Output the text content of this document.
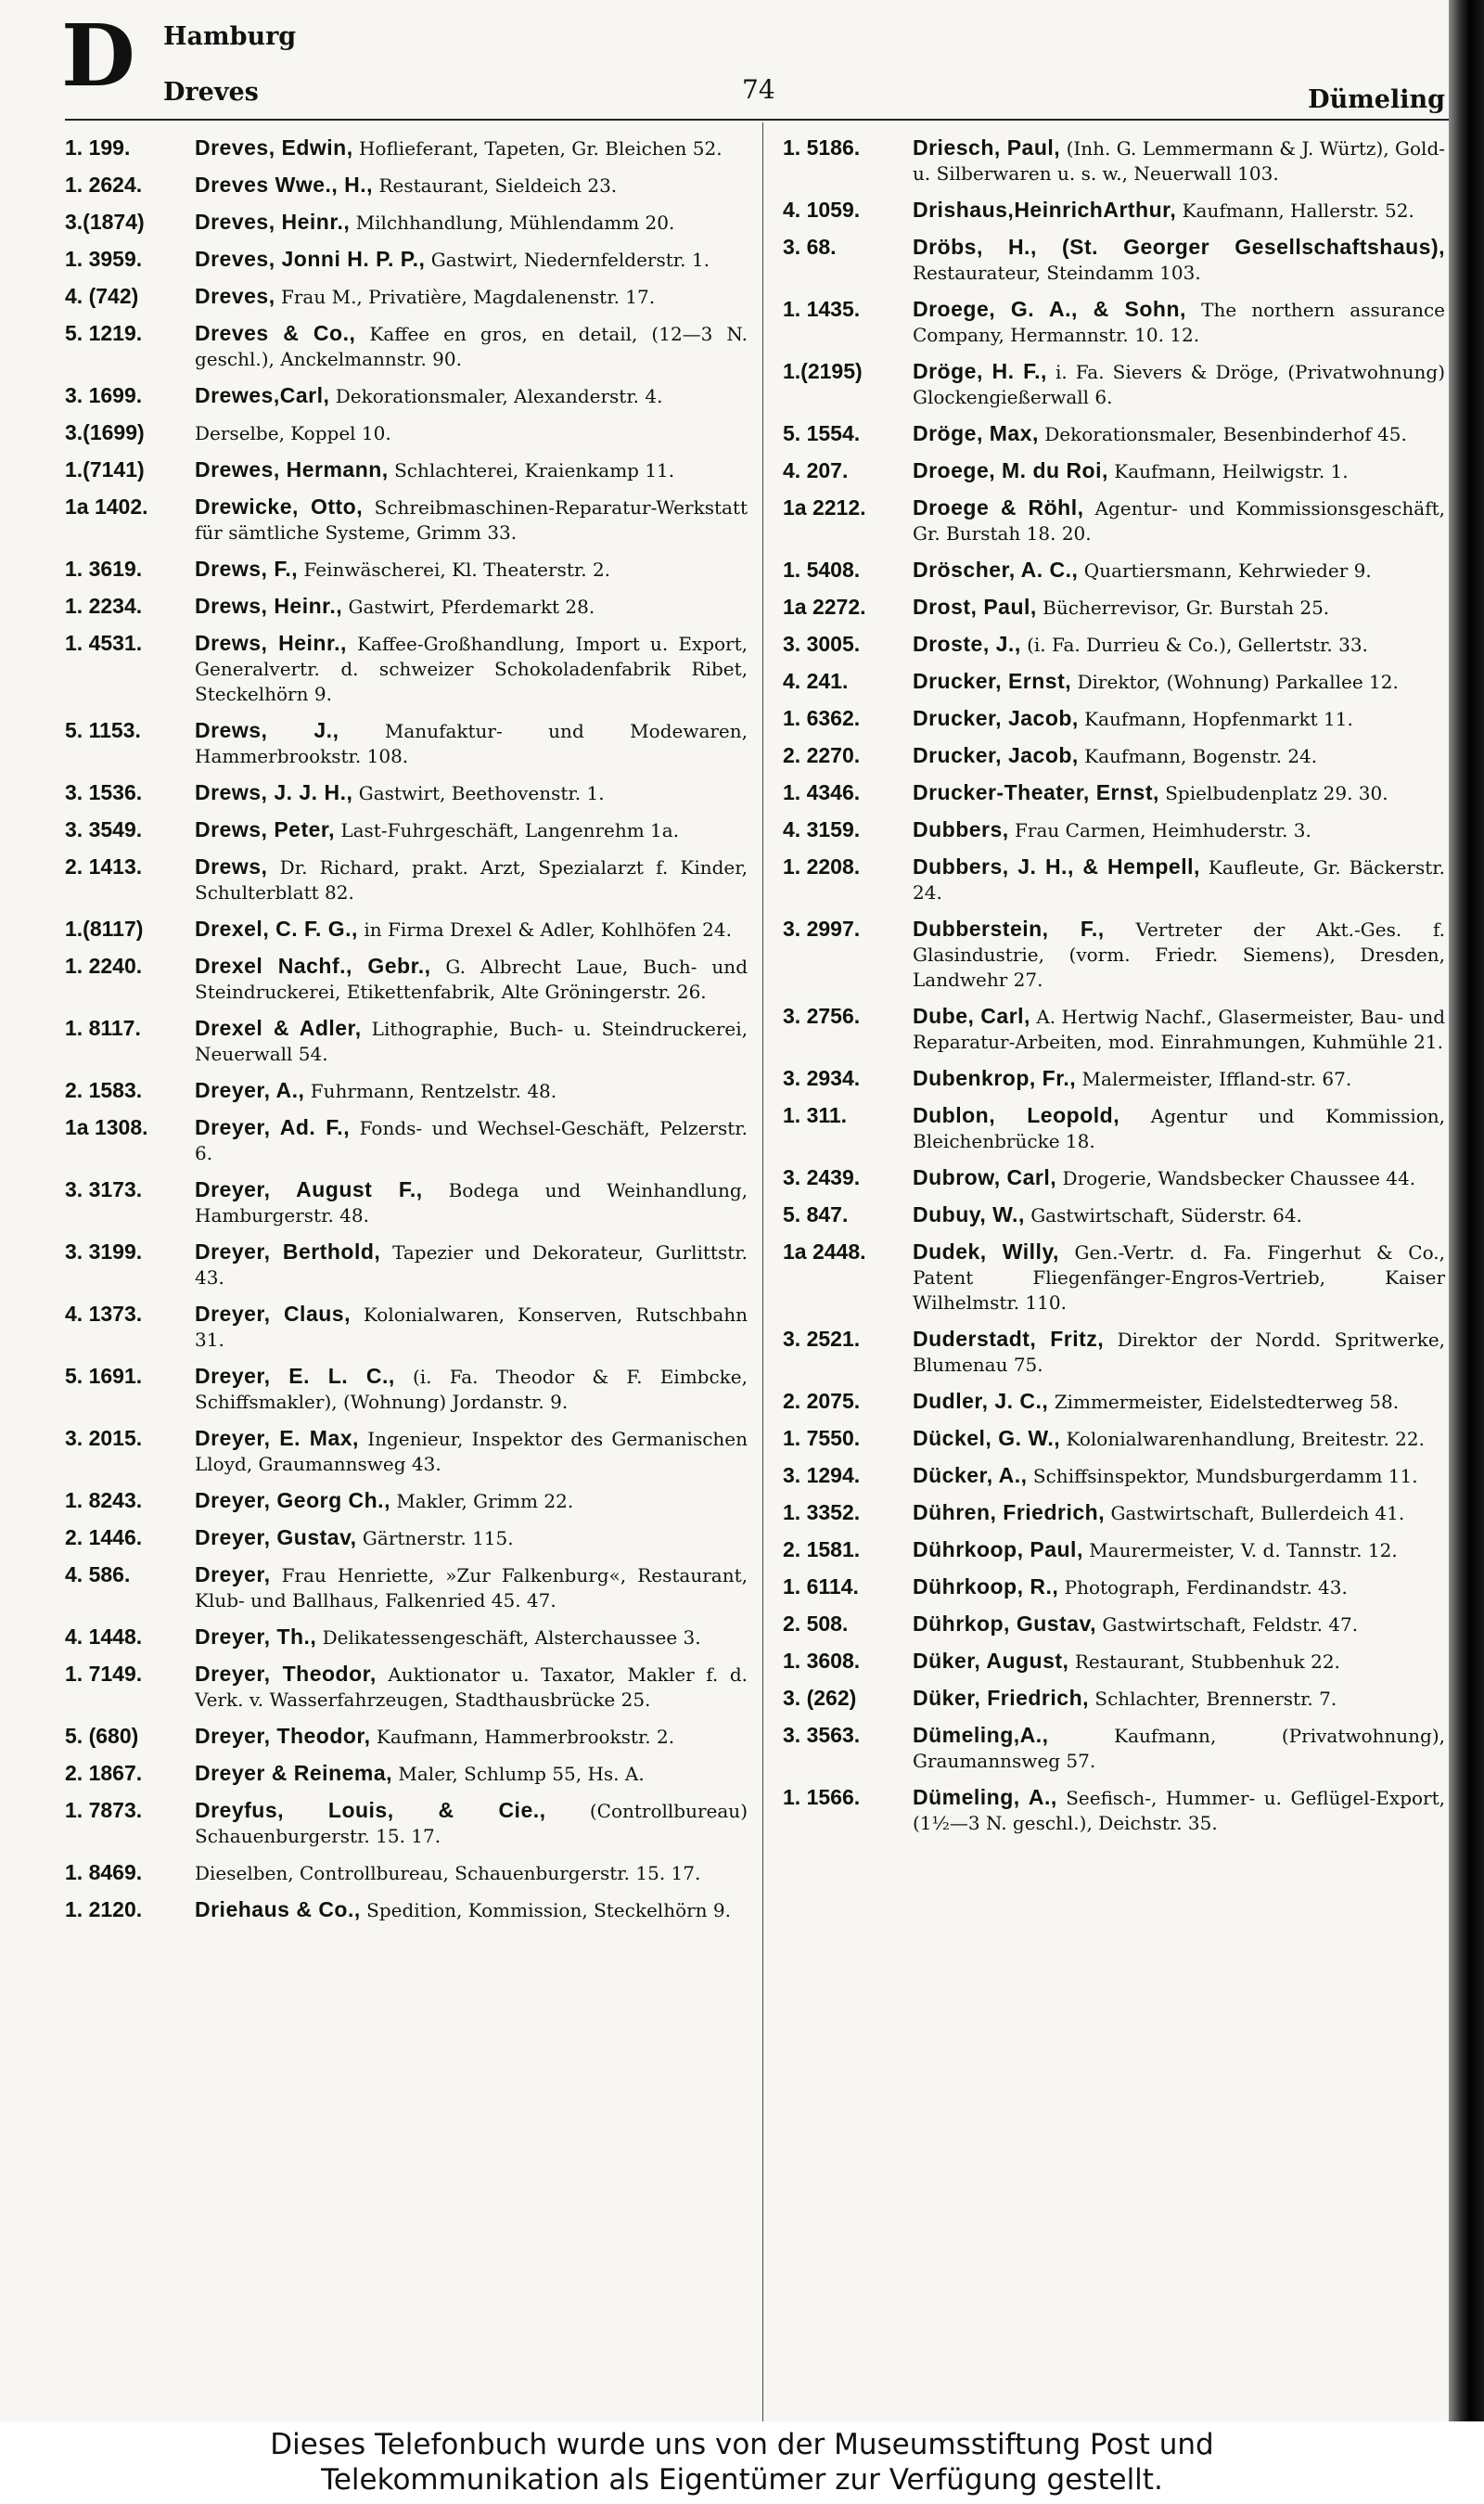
D Hamburg
Dreves	74	Dümeling
1. 199.	Dreves, Edwin, Hoflieferant, Tapeten, Gr. Bleichen 52.
1. 2624.	Dreves Wwe., H., Restaurant, Sieldeich 23.
3.(1874)	Dreves, Heinr., Milchhandlung, Mühlendamm 20.
1. 3959.	Dreves, Jonni H. P. P., Gastwirt, Niedernfelderstr. 1.
4. (742)	Dreves, Frau M., Privatière, Magdalenenstr. 17.
5. 1219.	Dreves & Co., Kaffee en gros, en detail, (12—3 N. geschl.), Anckelmannstr. 90.
3. 1699.	Drewes,Carl, Dekorationsmaler, Alexanderstr. 4.
3.(1699)	Derselbe, Koppel 10.
1.(7141)	Drewes, Hermann, Schlachterei, Kraienkamp 11.
1a 1402.	Drewicke, Otto, Schreibmaschinen-Reparatur-Werkstatt für sämtliche Systeme, Grimm 33.
1. 3619.	Drews, F., Feinwäscherei, Kl. Theaterstr. 2.
1. 2234.	Drews, Heinr., Gastwirt, Pferdemarkt 28.
1. 4531.	Drews, Heinr., Kaffee-Großhandlung, Import u. Export, Generalvertr. d. schweizer Schokoladenfabrik Ribet, Steckelhörn 9.
5. 1153.	Drews, J., Manufaktur- und Modewaren, Hammerbrookstr. 108.
3. 1536.	Drews, J. J. H., Gastwirt, Beethovenstr. 1.
3. 3549.	Drews, Peter, Last-Fuhrgeschäft, Langenrehm 1a.
2. 1413.	Drews, Dr. Richard, prakt. Arzt, Spezialarzt f. Kinder, Schulterblatt 82.
1.(8117)	Drexel, C. F. G., in Firma Drexel & Adler, Kohlhöfen 24.
1. 2240.	Drexel Nachf., Gebr., G. Albrecht Laue, Buch- und Steindruckerei, Etikettenfabrik, Alte Gröningerstr. 26.
1. 8117.	Drexel & Adler, Lithographie, Buch- u. Steindruckerei, Neuerwall 54.
2. 1583.	Dreyer, A., Fuhrmann, Rentzelstr. 48.
1a 1308.	Dreyer, Ad. F., Fonds- und Wechsel-Geschäft, Pelzerstr. 6.
3. 3173.	Dreyer, August F., Bodega und Weinhandlung, Hamburgerstr. 48.
3. 3199.	Dreyer, Berthold, Tapezier und Dekorateur, Gurlittstr. 43.
4. 1373.	Dreyer, Claus, Kolonialwaren, Konserven, Rutschbahn 31.
5. 1691.	Dreyer, E. L. C., (i. Fa. Theodor & F. Eimbcke, Schiffsmakler), (Wohnung) Jordanstr. 9.
3. 2015.	Dreyer, E. Max, Ingenieur, Inspektor des Germanischen Lloyd, Graumannsweg 43.
1. 8243.	Dreyer, Georg Ch., Makler, Grimm 22.
2. 1446.	Dreyer, Gustav, Gärtnerstr. 115.
4. 586.	Dreyer, Frau Henriette, »Zur Falkenburg«, Restaurant, Klub- und Ballhaus, Falkenried 45. 47.
4. 1448.	Dreyer, Th., Delikatessengeschäft, Alsterchaussee 3.
1. 7149.	Dreyer, Theodor, Auktionator u. Taxator, Makler f. d. Verk. v. Wasserfahrzeugen, Stadthausbrücke 25.
5. (680)	Dreyer, Theodor, Kaufmann, Hammerbrookstr. 2.
2. 1867.	Dreyer & Reinema, Maler, Schlump 55, Hs. A.
1. 7873.	Dreyfus, Louis, & Cie., (Controllbureau) Schauenburgerstr. 15. 17.
1. 8469.	Dieselben, Controllbureau, Schauenburgerstr. 15. 17.
1. 2120.	Driehaus & Co., Spedition, Kommission, Steckelhörn 9.
1. 5186.	Driesch, Paul, (Inh. G. Lemmermann & J. Würtz), Gold- u. Silberwaren u. s. w., Neuerwall 103.
4. 1059.	Drishaus,HeinrichArthur, Kaufmann, Hallerstr. 52.
3. 68.	Dröbs, H., (St. Georger Gesellschaftshaus), Restaurateur, Steindamm 103.
1. 1435.	Droege, G. A., & Sohn, The northern assurance Company, Hermannstr. 10. 12.
1.(2195)	Dröge, H. F., i. Fa. Sievers & Dröge, (Privatwohnung) Glockengießerwall 6.
5. 1554.	Dröge, Max, Dekorationsmaler, Besenbinderhof 45.
4. 207.	Droege, M. du Roi, Kaufmann, Heilwigstr. 1.
1a 2212.	Droege & Röhl, Agentur- und Kommissionsgeschäft, Gr. Burstah 18. 20.
1. 5408.	Dröscher, A. C., Quartiersmann, Kehrwieder 9.
1a 2272.	Drost, Paul, Bücherrevisor, Gr. Burstah 25.
3. 3005.	Droste, J., (i. Fa. Durrieu & Co.), Gellertstr. 33.
4. 241.	Drucker, Ernst, Direktor, (Wohnung) Parkallee 12.
1. 6362.	Drucker, Jacob, Kaufmann, Hopfenmarkt 11.
2. 2270.	Drucker, Jacob, Kaufmann, Bogenstr. 24.
1. 4346.	Drucker-Theater, Ernst, Spielbudenplatz 29. 30.
4. 3159.	Dubbers, Frau Carmen, Heimhuderstr. 3.
1. 2208.	Dubbers, J. H., & Hempell, Kaufleute, Gr. Bäckerstr. 24.
3. 2997.	Dubberstein, F., Vertreter der Akt.-Ges. f. Glasindustrie, (vorm. Friedr. Siemens), Dresden, Landwehr 27.
3. 2756.	Dube, Carl, A. Hertwig Nachf., Glasermeister, Bau- und Reparatur-Arbeiten, mod. Einrahmungen, Kuhmühle 21.
3. 2934.	Dubenkrop, Fr., Malermeister, Iffland-str. 67.
1. 311.	Dublon, Leopold, Agentur und Kommission, Bleichenbrücke 18.
3. 2439.	Dubrow, Carl, Drogerie, Wandsbecker Chaussee 44.
5. 847.	Dubuy, W., Gastwirtschaft, Süderstr. 64.
1a 2448.	Dudek, Willy, Gen.-Vertr. d. Fa. Fingerhut & Co., Patent Fliegenfänger-Engros-Vertrieb, Kaiser Wilhelmstr. 110.
3. 2521.	Duderstadt, Fritz, Direktor der Nordd. Spritwerke, Blumenau 75.
2. 2075.	Dudler, J. C., Zimmermeister, Eidelstedterweg 58.
1. 7550.	Dückel, G. W., Kolonialwarenhandlung, Breitestr. 22.
3. 1294.	Dücker, A., Schiffsinspektor, Mundsburgerdamm 11.
1. 3352.	Dühren, Friedrich, Gastwirtschaft, Bullerdeich 41.
2. 1581.	Dührkoop, Paul, Maurermeister, V. d. Tannstr. 12.
1. 6114.	Dührkoop, R., Photograph, Ferdinandstr. 43.
2. 508.	Dührkop, Gustav, Gastwirtschaft, Feldstr. 47.
1. 3608.	Düker, August, Restaurant, Stubbenhuk 22.
3. (262)	Düker, Friedrich, Schlachter, Brennerstr. 7.
3. 3563.	Dümeling,A.,	Kaufmann, (Privatwohnung), Graumannsweg 57.
1. 1566.	Dümeling, A., Seefisch-, Hummer- u. Geflügel-Export, (1½—3 N. geschl.), Deichstr. 35.
Dieses Telefonbuch wurde uns von der Museumsstiftung Post und
Telekommunikation als Eigentümer zur Verfügung gestellt.
